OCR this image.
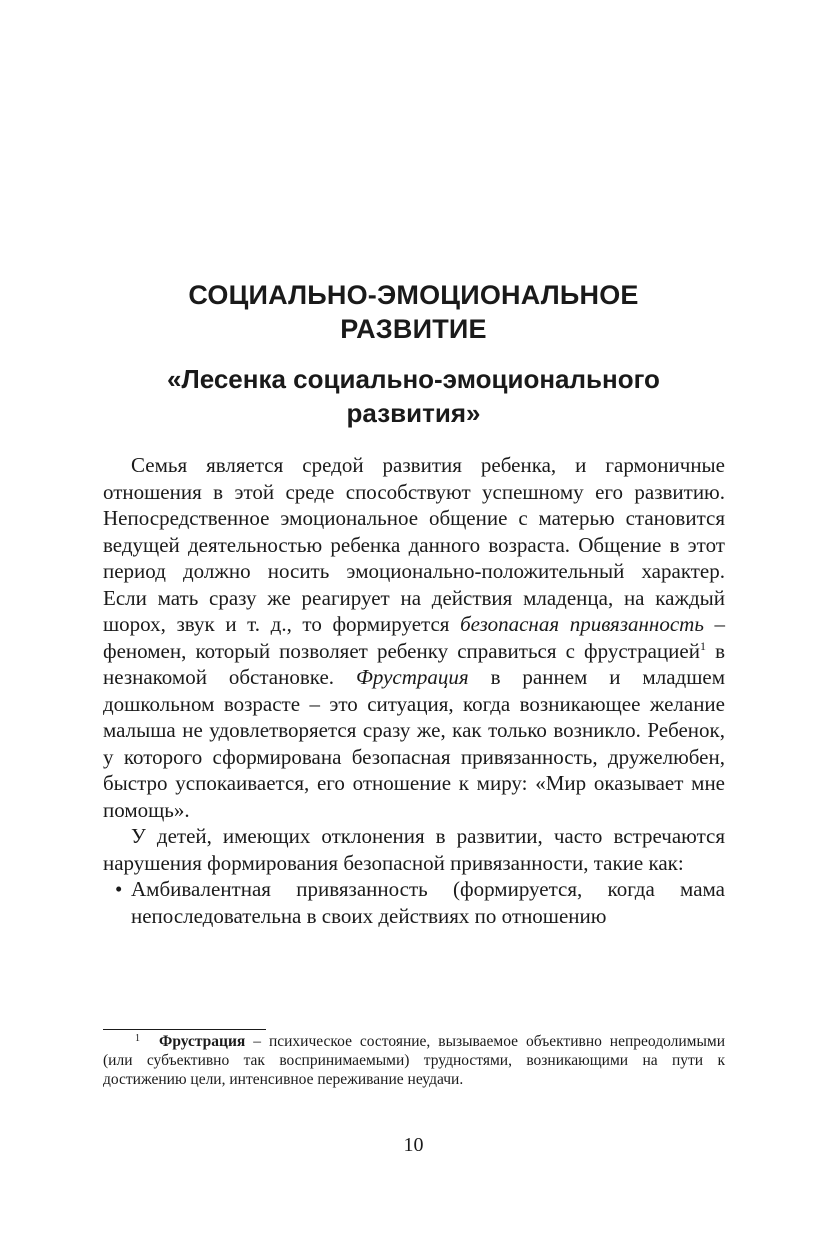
СОЦИАЛЬНО-ЭМОЦИОНАЛЬНОЕ
РАЗВИТИЕ
«Лесенка социально-эмоционального
развития»

Семья является средой развития ребенка, и гармоничные отношения в этой среде способствуют успешному его развитию. Непосредственное эмоциональное общение с матерью становится ведущей деятельностью ребенка данного возраста. Общение в этот период должно носить эмоционально-положительный характер. Если мать сразу же реагирует на действия младенца, на каждый шорох, звук и т. д., то формируется безопасная привязанность – феномен, который позволяет ребенку справиться с фрустрацией$^1$ в незнакомой обстановке. Фрустрация в раннем и младшем дошкольном возрасте – это ситуация, когда возникающее желание малыша не удовлетворяется сразу же, как только возникло. Ребенок, у которого сформирована безопасная привязанность, дружелюбен, быстро успокаивается, его отношение к миру: «Мир оказывает мне помощь».

У детей, имеющих отклонения в развитии, часто встречаются нарушения формирования безопасной привязанности, такие как:

• Амбивалентная привязанность (формируется, когда мама непоследовательна в своих действиях по отношению

1 Фрустрация – психическое состояние, вызываемое объективно непреодолимыми (или субъективно так воспринимаемыми) трудностями, возникающими на пути к достижению цели, интенсивное переживание неудачи.
10
